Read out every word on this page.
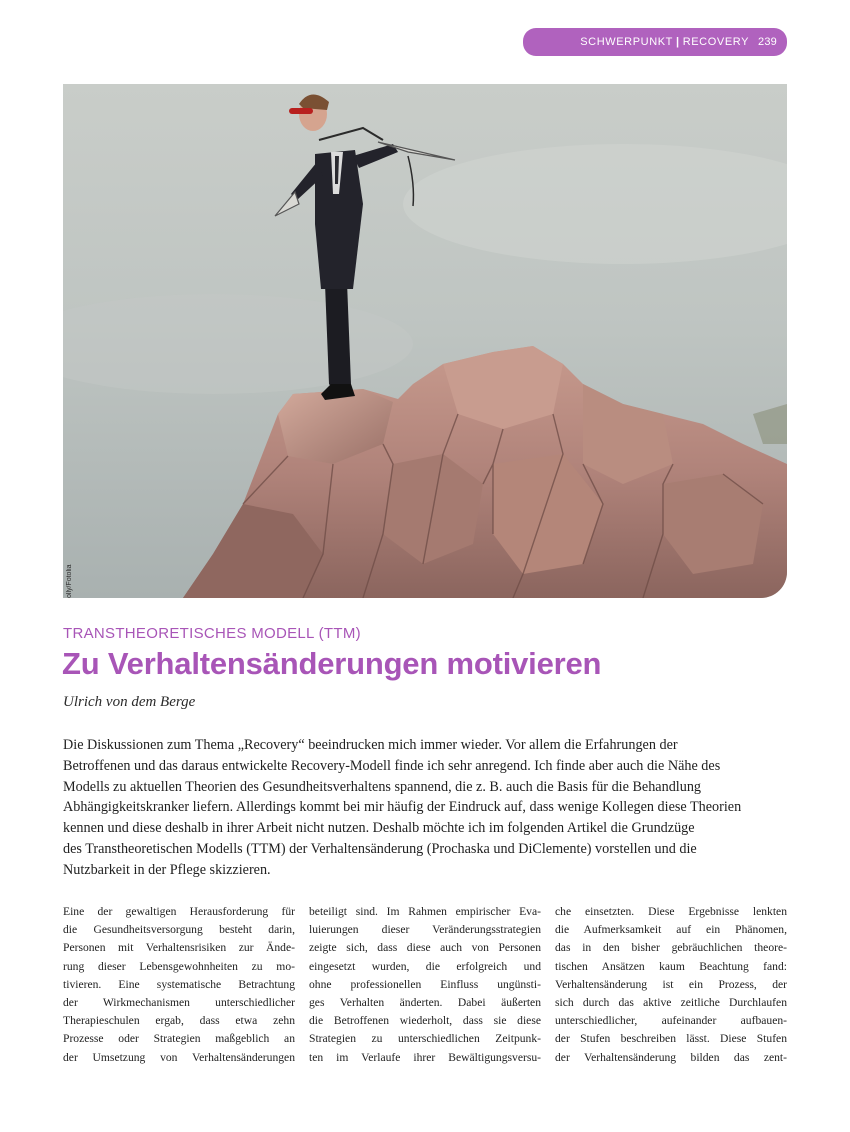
SCHWERPUNKT | RECOVERY 239
olly/Fotolia
TRANSTHEORETISCHES MODELL (TTM)
Zu Verhaltensänderungen motivieren
Ulrich von dem Berge
Die Diskussionen zum Thema „Recovery“ beeindrucken mich immer wieder. Vor allem die Erfahrungen der
Betroffenen und das daraus entwickelte Recovery-Modell finde ich sehr anregend. Ich finde aber auch die Nähe des
Modells zu aktuellen Theorien des Gesundheitsverhaltens spannend, die z. B. auch die Basis für die Behandlung
Abhängigkeitskranker liefern. Allerdings kommt bei mir häufig der Eindruck auf, dass wenige Kollegen diese Theorien
kennen und diese deshalb in ihrer Arbeit nicht nutzen. Deshalb möchte ich im folgenden Artikel die Grundzüge
des Transtheoretischen Modells (TTM) der Verhaltensänderung (Prochaska und DiClemente) vorstellen und die
Nutzbarkeit in der Pflege skizzieren.
Eine der gewaltigen Herausforderung für
die Gesundheitsversorgung besteht darin,
Personen mit Verhaltensrisiken zur Ände-
rung dieser Lebensgewohnheiten zu mo-
tivieren. Eine systematische Betrachtung
der Wirkmechanismen unterschiedlicher
Therapieschulen ergab, dass etwa zehn
Prozesse oder Strategien maßgeblich an
der Umsetzung von Verhaltensänderungen
beteiligt sind. Im Rahmen empirischer Eva-
luierungen dieser Veränderungsstrategien
zeigte sich, dass diese auch von Personen
eingesetzt wurden, die erfolgreich und
ohne professionellen Einfluss ungünsti-
ges Verhalten änderten. Dabei äußerten
die Betroffenen wiederholt, dass sie diese
Strategien zu unterschiedlichen Zeitpunk-
ten im Verlaufe ihrer Bewältigungsversu-
che einsetzten. Diese Ergebnisse lenkten
die Aufmerksamkeit auf ein Phänomen,
das in den bisher gebräuchlichen theore-
tischen Ansätzen kaum Beachtung fand:
Verhaltensänderung ist ein Prozess, der
sich durch das aktive zeitliche Durchlaufen
unterschiedlicher, aufeinander aufbauen-
der Stufen beschreiben lässt. Diese Stufen
der Verhaltensänderung bilden das zent-
